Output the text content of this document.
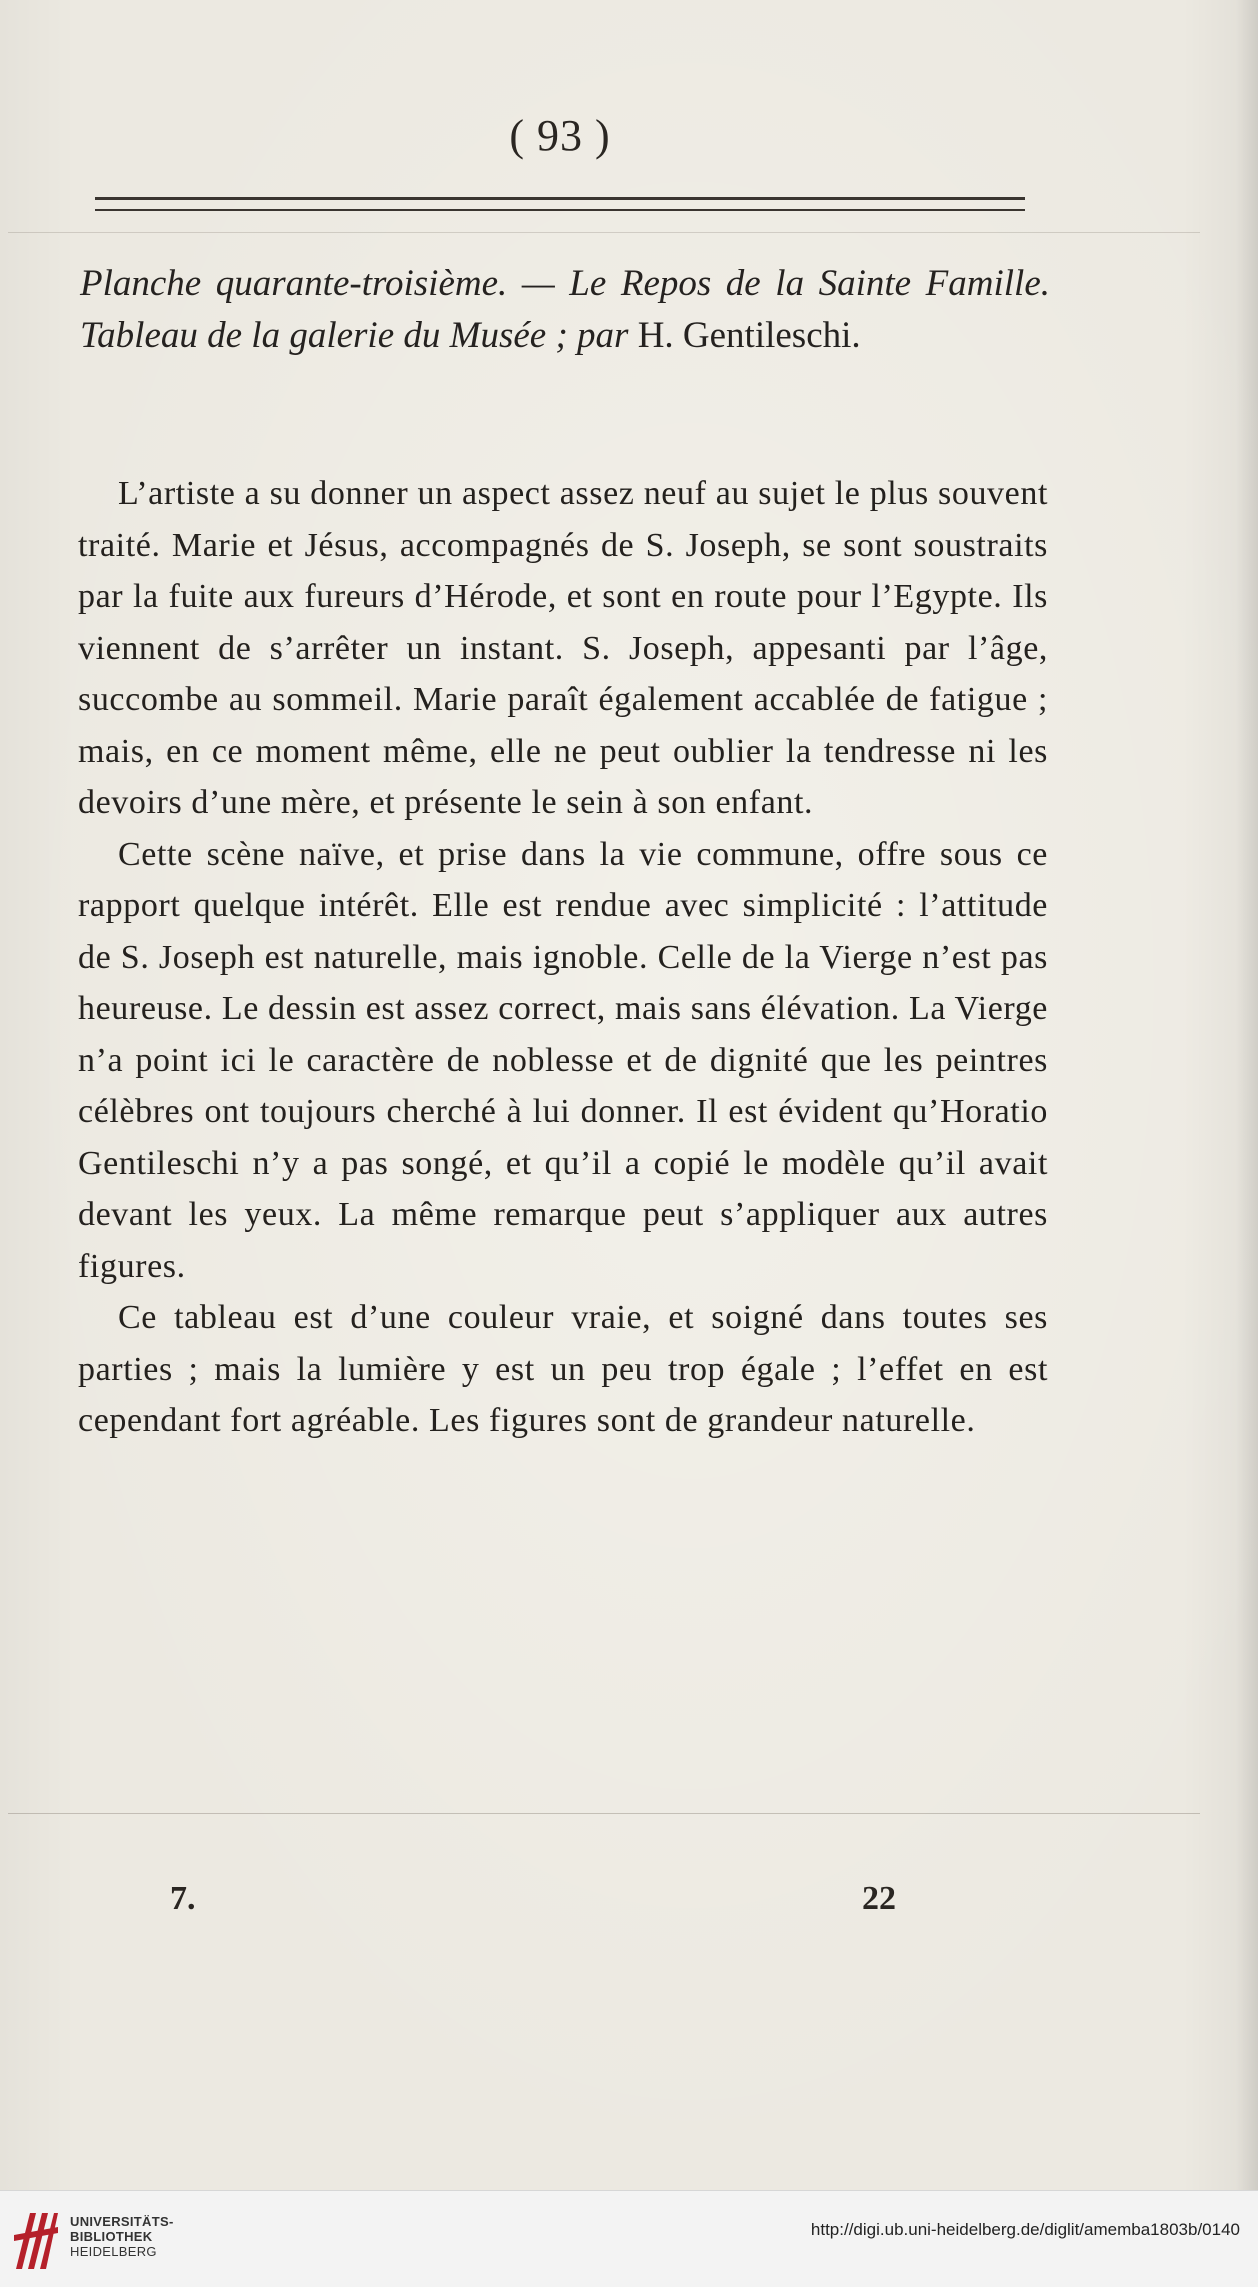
( 93 )
Planche quarante-troisième. — Le Repos de la Sainte Famille. Tableau de la galerie du Musée ; par H. Gentileschi.

L’artiste a su donner un aspect assez neuf au sujet le plus souvent traité. Marie et Jésus, accompagnés de S. Joseph, se sont soustraits par la fuite aux fureurs d’Hérode, et sont en route pour l’Egypte. Ils viennent de s’arrêter un instant. S. Joseph, appesanti par l’âge, succombe au sommeil. Marie paraît également accablée de fatigue ; mais, en ce moment même, elle ne peut oublier la tendresse ni les devoirs d’une mère, et présente le sein à son enfant.

Cette scène naïve, et prise dans la vie commune, offre sous ce rapport quelque intérêt. Elle est rendue avec simplicité : l’attitude de S. Joseph est naturelle, mais ignoble. Celle de la Vierge n’est pas heureuse. Le dessin est assez correct, mais sans élévation. La Vierge n’a point ici le caractère de noblesse et de dignité que les peintres célèbres ont toujours cherché à lui donner. Il est évident qu’Horatio Gentileschi n’y a pas songé, et qu’il a copié le modèle qu’il avait devant les yeux. La même remarque peut s’appliquer aux autres figures.

Ce tableau est d’une couleur vraie, et soigné dans toutes ses parties ; mais la lumière y est un peu trop égale ; l’effet en est cependant fort agréable. Les figures sont de grandeur naturelle.

7.	22
UNIVERSITÄTS-
BIBLIOTHEK
HEIDELBERG
http://digi.ub.uni-heidelberg.de/diglit/amemba1803b/0140
